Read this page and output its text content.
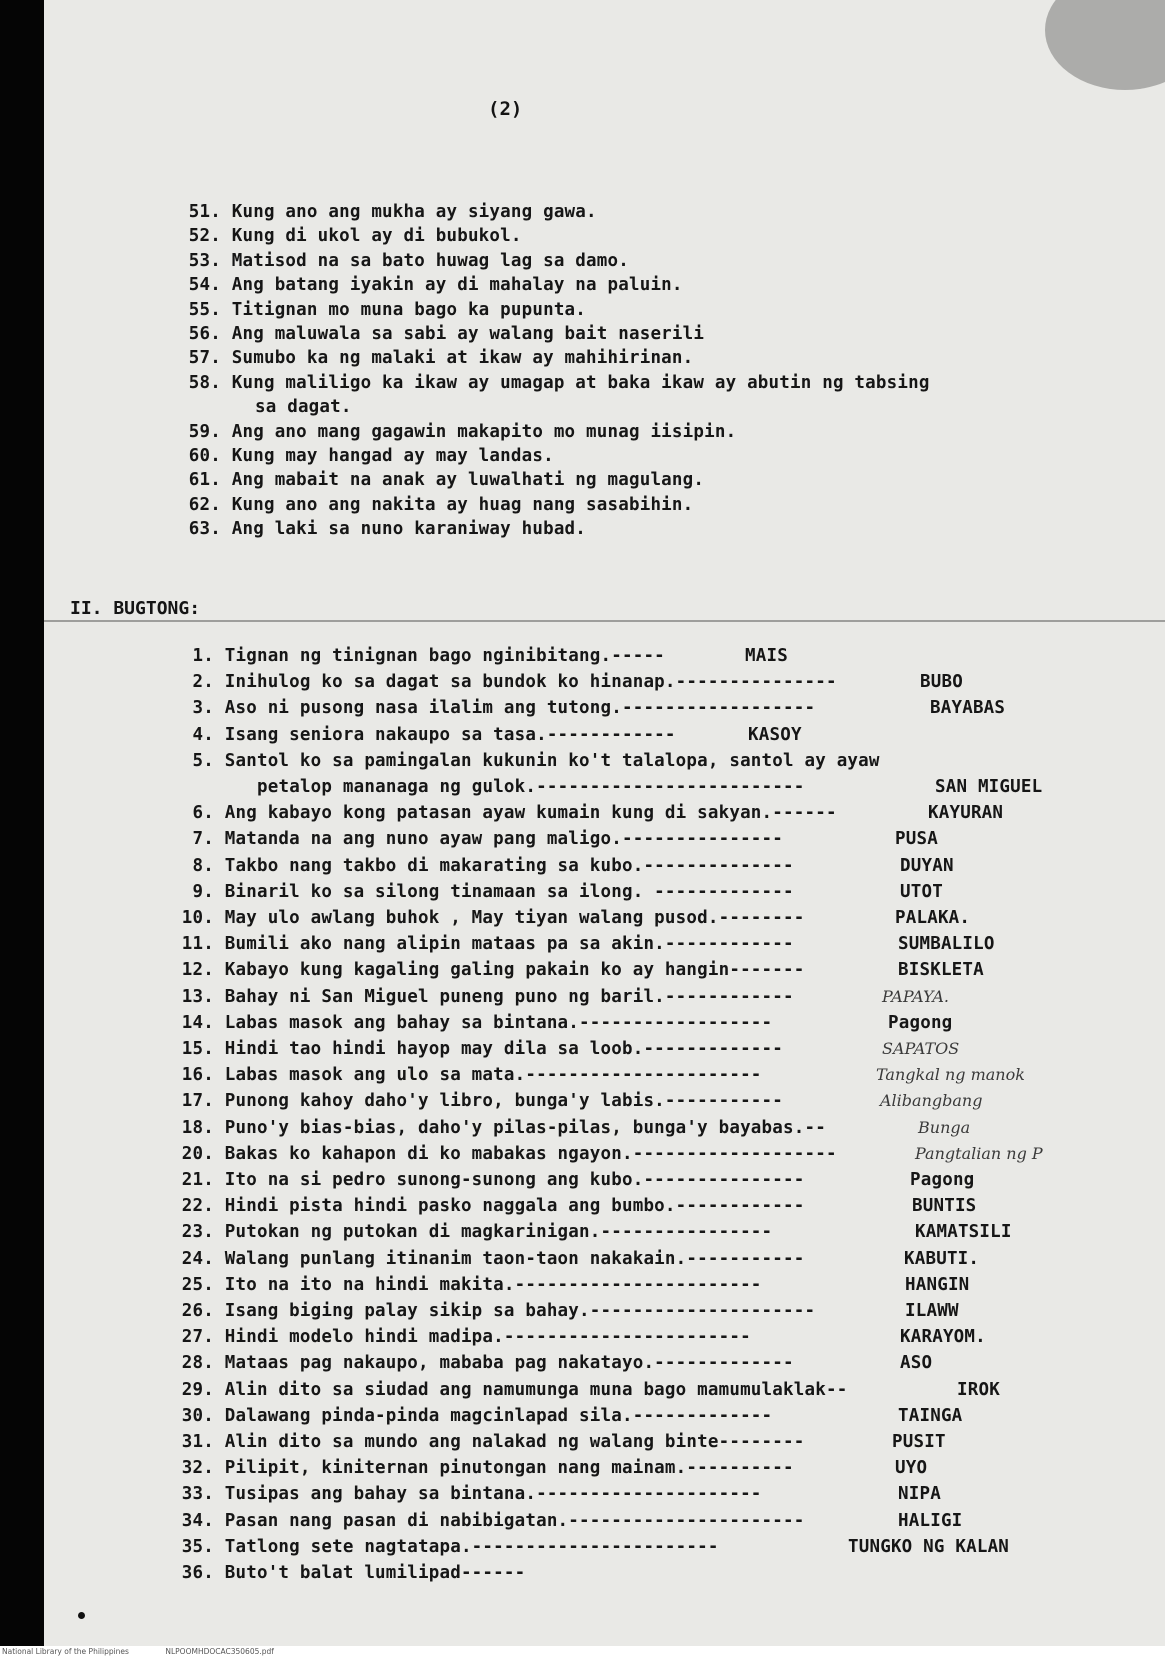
(2)
51. Kung ano ang mukha ay siyang gawa.
52. Kung di ukol ay di bubukol.
53. Matisod na sa bato huwag lag sa damo.
54. Ang batang iyakin ay di mahalay na paluin.
55. Titignan mo muna bago ka pupunta.
56. Ang maluwala sa sabi ay walang bait naserili
57. Sumubo ka ng malaki at ikaw ay mahihirinan.
58. Kung maliligo ka ikaw ay umagap at baka ikaw ay abutin ng tabsing
sa dagat.
59. Ang ano mang gagawin makapito mo munag iisipin.
60. Kung may hangad ay may landas.
61. Ang mabait na anak ay luwalhati ng magulang.
62. Kung ano ang nakita ay huag nang sasabihin.
63. Ang laki sa nuno karaniway hubad.
II. BUGTONG:
1. Tignan ng tinignan bago nginibitang.-----	MAIS
2. Inihulog ko sa dagat sa bundok ko hinanap.---------------	BUBO
3. Aso ni pusong nasa ilalim ang tutong.------------------	BAYABAS
4. Isang seniora nakaupo sa tasa.------------	KASOY
5. Santol ko sa pamingalan kukunin ko't talalopa, santol ay ayaw
petalop mananaga ng gulok.-------------------------	SAN MIGUEL
6. Ang kabayo kong patasan ayaw kumain kung di sakyan.------	KAYURAN
7. Matanda na ang nuno ayaw pang maligo.---------------	PUSA
8. Takbo nang takbo di makarating sa kubo.--------------	DUYAN
9. Binaril ko sa silong tinamaan sa ilong. -------------	UTOT
10. May ulo awlang buhok , May tiyan walang pusod.--------	PALAKA.
11. Bumili ako nang alipin mataas pa sa akin.------------	SUMBALILO
12. Kabayo kung kagaling galing pakain ko ay hangin-------	BISKLETA
13. Bahay ni San Miguel puneng puno ng baril.------------	PAPAYA.
14. Labas masok ang bahay sa bintana.------------------	Pagong
15. Hindi tao hindi hayop may dila sa loob.-------------	SAPATOS
16. Labas masok ang ulo sa mata.----------------------	Tangkal ng manok
17. Punong kahoy daho'y libro, bunga'y labis.-----------	Alibangbang
18. Puno'y bias-bias, daho'y pilas-pilas, bunga'y bayabas.--	Bunga
20. Bakas ko kahapon di ko mabakas ngayon.-------------------	Pangtalian ng P
21. Ito na si pedro sunong-sunong ang kubo.---------------	Pagong
22. Hindi pista hindi pasko naggala ang bumbo.------------	BUNTIS
23. Putokan ng putokan di magkarinigan.----------------	KAMATSILI
24. Walang punlang itinanim taon-taon nakakain.-----------	KABUTI.
25. Ito na ito na hindi makita.-----------------------	HANGIN
26. Isang biging palay sikip sa bahay.---------------------	ILAWW
27. Hindi modelo hindi madipa.-----------------------	KARAYOM.
28. Mataas pag nakaupo, mababa pag nakatayo.-------------	ASO
29. Alin dito sa siudad ang namumunga muna bago mamumulaklak--	IROK
30. Dalawang pinda-pinda magcinlapad sila.-------------	TAINGA
31. Alin dito sa mundo ang nalakad ng walang binte--------	PUSIT
32. Pilipit, kiniternan pinutongan nang mainam.----------	UYO
33. Tusipas ang bahay sa bintana.---------------------	NIPA
34. Pasan nang pasan di nabibigatan.----------------------	HALIGI
35. Tatlong sete nagtatapa.-----------------------	TUNGKO NG KALAN
36. Buto't balat lumilipad------
National Library of the Philippines	NLPOOMHDOCAC350605.pdf
